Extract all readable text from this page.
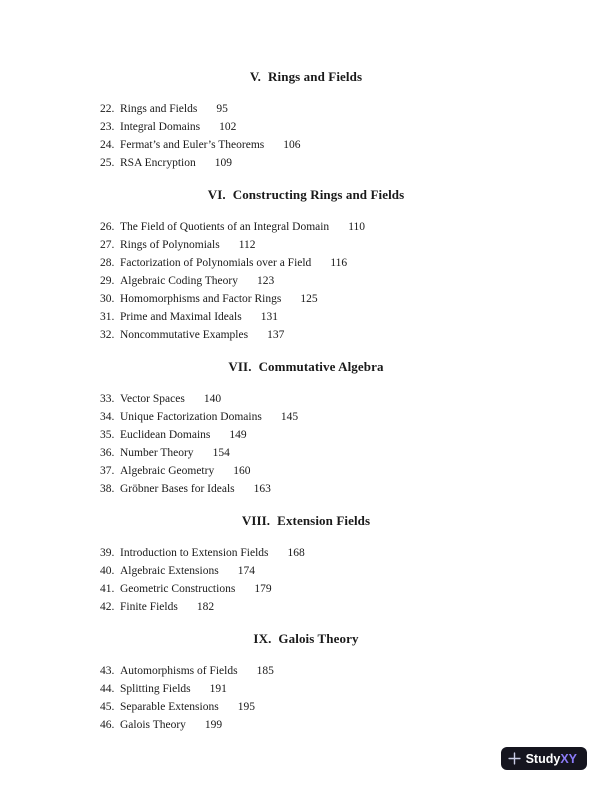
V. Rings and Fields
22. Rings and Fields 95
23. Integral Domains 102
24. Fermat’s and Euler’s Theorems 106
25. RSA Encryption 109
VI. Constructing Rings and Fields
26. The Field of Quotients of an Integral Domain 110
27. Rings of Polynomials 112
28. Factorization of Polynomials over a Field 116
29. Algebraic Coding Theory 123
30. Homomorphisms and Factor Rings 125
31. Prime and Maximal Ideals 131
32. Noncommutative Examples 137
VII. Commutative Algebra
33. Vector Spaces 140
34. Unique Factorization Domains 145
35. Euclidean Domains 149
36. Number Theory 154
37. Algebraic Geometry 160
38. Gröbner Bases for Ideals 163
VIII. Extension Fields
39. Introduction to Extension Fields 168
40. Algebraic Extensions 174
41. Geometric Constructions 179
42. Finite Fields 182
IX. Galois Theory
43. Automorphisms of Fields 185
44. Splitting Fields 191
45. Separable Extensions 195
46. Galois Theory 199
StudyXY
